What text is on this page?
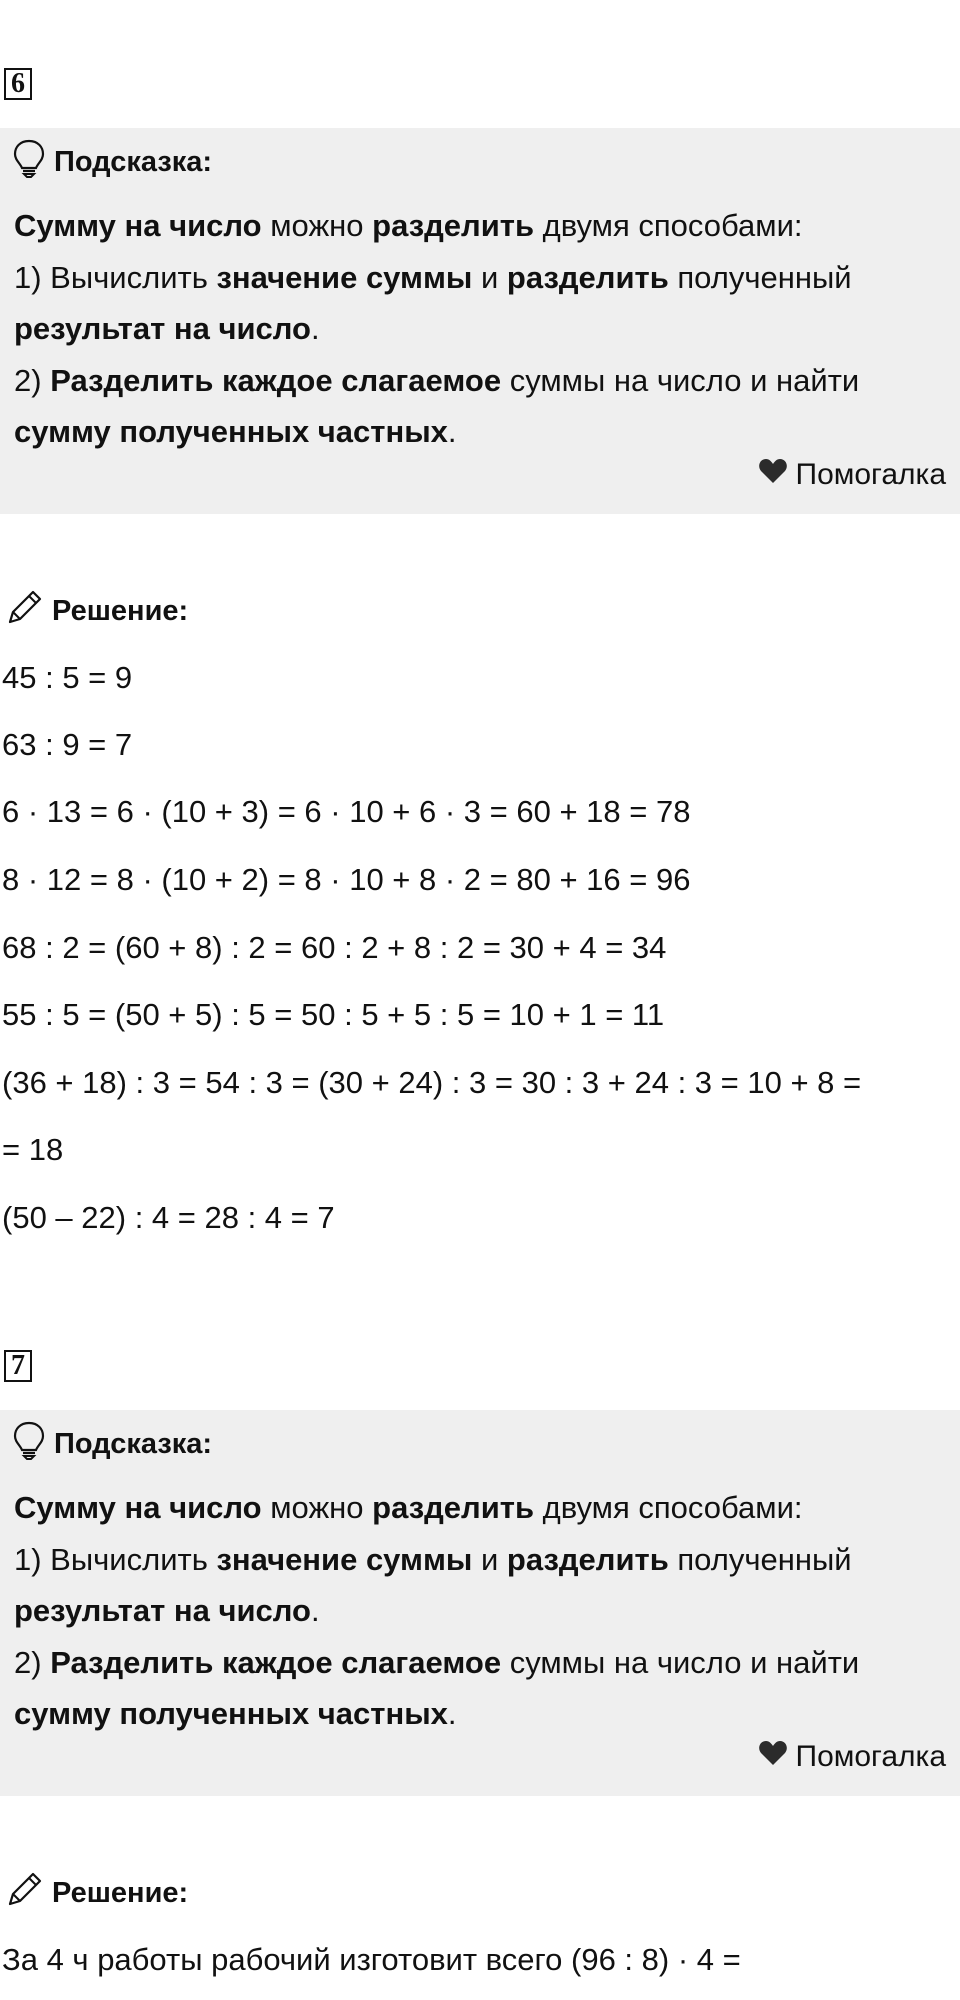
6
Подсказка:

Сумму на число можно разделить двумя способами:

1) Вычислить значение суммы и разделить полученный

результат на число.

2) Разделить каждое слагаемое суммы на число и найти

сумму полученных частных.

Помогалка
Решение:
45 : 5 = 9
63 : 9 = 7
6 · 13 = 6 · (10 + 3) = 6 · 10 + 6 · 3 = 60 + 18 = 78
8 · 12 = 8 · (10 + 2) = 8 · 10 + 8 · 2 = 80 + 16 = 96
68 : 2 = (60 + 8) : 2 = 60 : 2 + 8 : 2 = 30 + 4 = 34
55 : 5 = (50 + 5) : 5 = 50 : 5 + 5 : 5 = 10 + 1 = 11
(36 + 18) : 3 = 54 : 3 = (30 + 24) : 3 = 30 : 3 + 24 : 3 = 10 + 8 =
= 18
(50 – 22) : 4 = 28 : 4 = 7
7
Подсказка:

Сумму на число можно разделить двумя способами:

1) Вычислить значение суммы и разделить полученный

результат на число.

2) Разделить каждое слагаемое суммы на число и найти

сумму полученных частных.

Помогалка
Решение:
За 4 ч работы рабочий изготовит всего (96 : 8) · 4 =
